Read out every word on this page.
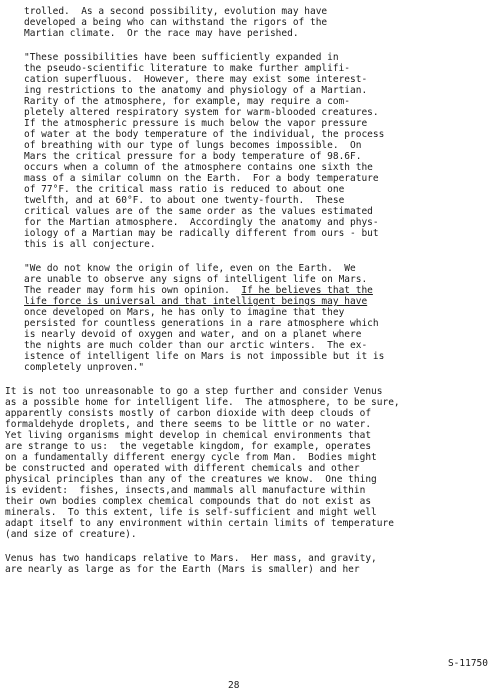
trolled.  As a second possibility, evolution may have
developed a being who can withstand the rigors of the
Martian climate.  Or the race may have perished.
"These possibilities have been sufficiently expanded in
the pseudo-scientific literature to make further amplifi-
cation superfluous.  However, there may exist some interest-
ing restrictions to the anatomy and physiology of a Martian.
Rarity of the atmosphere, for example, may require a com-
pletely altered respiratory system for warm-blooded creatures.
If the atmospheric pressure is much below the vapor pressure
of water at the body temperature of the individual, the process
of breathing with our type of lungs becomes impossible.  On
Mars the critical pressure for a body temperature of 98.6F.
occurs when a column of the atmosphere contains one sixth the
mass of a similar column on the Earth.  For a body temperature
of 77°F. the critical mass ratio is reduced to about one
twelfth, and at 60°F. to about one twenty-fourth.  These
critical values are of the same order as the values estimated
for the Martian atmosphere.  Accordingly the anatomy and phys-
iology of a Martian may be radically different from ours - but
this is all conjecture.
"We do not know the origin of life, even on the Earth.  We
are unable to observe any signs of intelligent life on Mars.
The reader may form his own opinion.  If he believes that the
life force is universal and that intelligent beings may have
once developed on Mars, he has only to imagine that they
persisted for countless generations in a rare atmosphere which
is nearly devoid of oxygen and water, and on a planet where
the nights are much colder than our arctic winters.  The ex-
istence of intelligent life on Mars is not impossible but it is
completely unproven."
It is not too unreasonable to go a step further and consider Venus
as a possible home for intelligent life.  The atmosphere, to be sure,
apparently consists mostly of carbon dioxide with deep clouds of
formaldehyde droplets, and there seems to be little or no water.
Yet living organisms might develop in chemical environments that
are strange to us:  the vegetable kingdom, for example, operates
on a fundamentally different energy cycle from Man.  Bodies might
be constructed and operated with different chemicals and other
physical principles than any of the creatures we know.  One thing
is evident:  fishes, insects,and mammals all manufacture within
their own bodies complex chemical compounds that do not exist as
minerals.  To this extent, life is self-sufficient and might well
adapt itself to any environment within certain limits of temperature
(and size of creature).
Venus has two handicaps relative to Mars.  Her mass, and gravity,
are nearly as large as for the Earth (Mars is smaller) and her
S-11750
28
